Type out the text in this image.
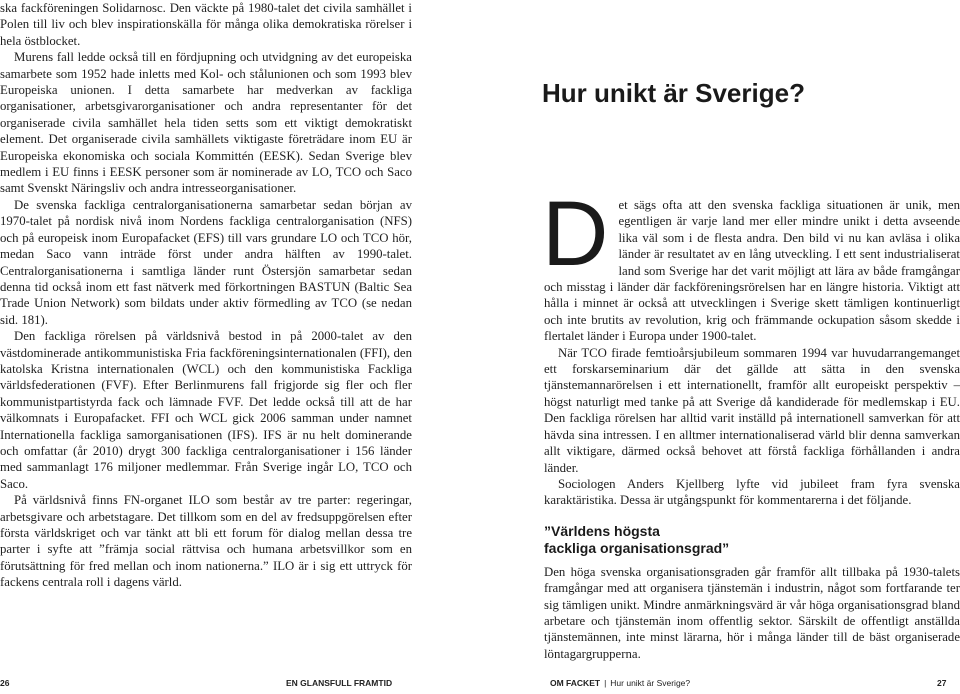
ska fackföreningen Solidarnosc. Den väckte på 1980-talet det civila samhället i Polen till liv och blev inspirationskälla för många olika demokratiska rörelser i hela östblocket.

Murens fall ledde också till en fördjupning och utvidgning av det europeiska samarbete som 1952 hade inletts med Kol- och stålunionen och som 1993 blev Europeiska unionen. I detta samarbete har medverkan av fackliga organisationer, arbetsgivarorganisationer och andra representanter för det organiserade civila samhället hela tiden setts som ett viktigt demokratiskt element. Det organiserade civila samhällets viktigaste företrädare inom EU är Europeiska ekonomiska och sociala Kommittén (EESK). Sedan Sverige blev medlem i EU finns i EESK personer som är nominerade av LO, TCO och Saco samt Svenskt Näringsliv och andra intresseorganisationer.

De svenska fackliga centralorganisationerna samarbetar sedan början av 1970-talet på nordisk nivå inom Nordens fackliga centralorganisation (NFS) och på europeisk inom Europafacket (EFS) till vars grundare LO och TCO hör, medan Saco vann inträde först under andra hälften av 1990-talet. Centralorganisationerna i samtliga länder runt Östersjön samarbetar sedan denna tid också inom ett fast nätverk med förkortningen BASTUN (Baltic Sea Trade Union Network) som bildats under aktiv förmedling av TCO (se nedan sid. 181).

Den fackliga rörelsen på världsnivå bestod in på 2000-talet av den västdominerade antikommunistiska Fria fackföreningsinternationalen (FFI), den katolska Kristna internationalen (WCL) och den kommunistiska Fackliga världsfederationen (FVF). Efter Berlinmurens fall frigjorde sig fler och fler kommunistpartistyrda fack och lämnade FVF. Det ledde också till att de har välkomnats i Europafacket. FFI och WCL gick 2006 samman under namnet Internationella fackliga samorganisationen (IFS). IFS är nu helt dominerande och omfattar (år 2010) drygt 300 fackliga centralorganisationer i 156 länder med sammanlagt 176 miljoner medlemmar. Från Sverige ingår LO, TCO och Saco.

På världsnivå finns FN-organet ILO som består av tre parter: regeringar, arbetsgivare och arbetstagare. Det tillkom som en del av fredsuppgörelsen efter första världskriget och var tänkt att bli ett forum för dialog mellan dessa tre parter i syfte att ”främja social rättvisa och humana arbetsvillkor som en förutsättning för fred mellan och inom nationerna.” ILO är i sig ett uttryck för fackens centrala roll i dagens värld.

26	EN GLANSFULL FRAMTID
Hur unikt är Sverige?
D et sägs ofta att den svenska fackliga situationen är unik, men egentligen är varje land mer eller mindre unikt i detta avseende lika väl som i de flesta andra. Den bild vi nu kan avläsa i olika länder är resultatet av en lång utveckling. I ett sent industrialiserat land som Sverige har det varit möjligt att lära av både framgångar och misstag i länder där fackföreningsrörelsen har en längre historia. Viktigt att hålla i minnet är också att utvecklingen i Sverige skett tämligen kontinuerligt och inte brutits av revolution, krig och främmande ockupation såsom skedde i flertalet länder i Europa under 1900-talet.

När TCO firade femtioårsjubileum sommaren 1994 var huvudarrangemanget ett forskarseminarium där det gällde att sätta in den svenska tjänstemannarörelsen i ett internationellt, framför allt europeiskt perspektiv – högst naturligt med tanke på att Sverige då kandiderade för medlemskap i EU. Den fackliga rörelsen har alltid varit inställd på internationell samverkan för att hävda sina intressen. I en alltmer internationaliserad värld blir denna samverkan allt viktigare, därmed också behovet att förstå fackliga förhållanden i andra länder.

Sociologen Anders Kjellberg lyfte vid jubileet fram fyra svenska karaktäristika. Dessa är utgångspunkt för kommentarerna i det följande.

”Världens högsta
fackliga organisationsgrad”

Den höga svenska organisationsgraden går framför allt tillbaka på 1930-talets framgångar med att organisera tjänstemän i industrin, något som fortfarande ter sig tämligen unikt. Mindre anmärkningsvärd är vår höga organisationsgrad bland arbetare och tjänstemän inom offentlig sektor. Särskilt de offentligt anställda tjänstemännen, inte minst lärarna, hör i många länder till de bäst organiserade löntagargrupperna.

OM FACKET | Hur unikt är Sverige?	27
